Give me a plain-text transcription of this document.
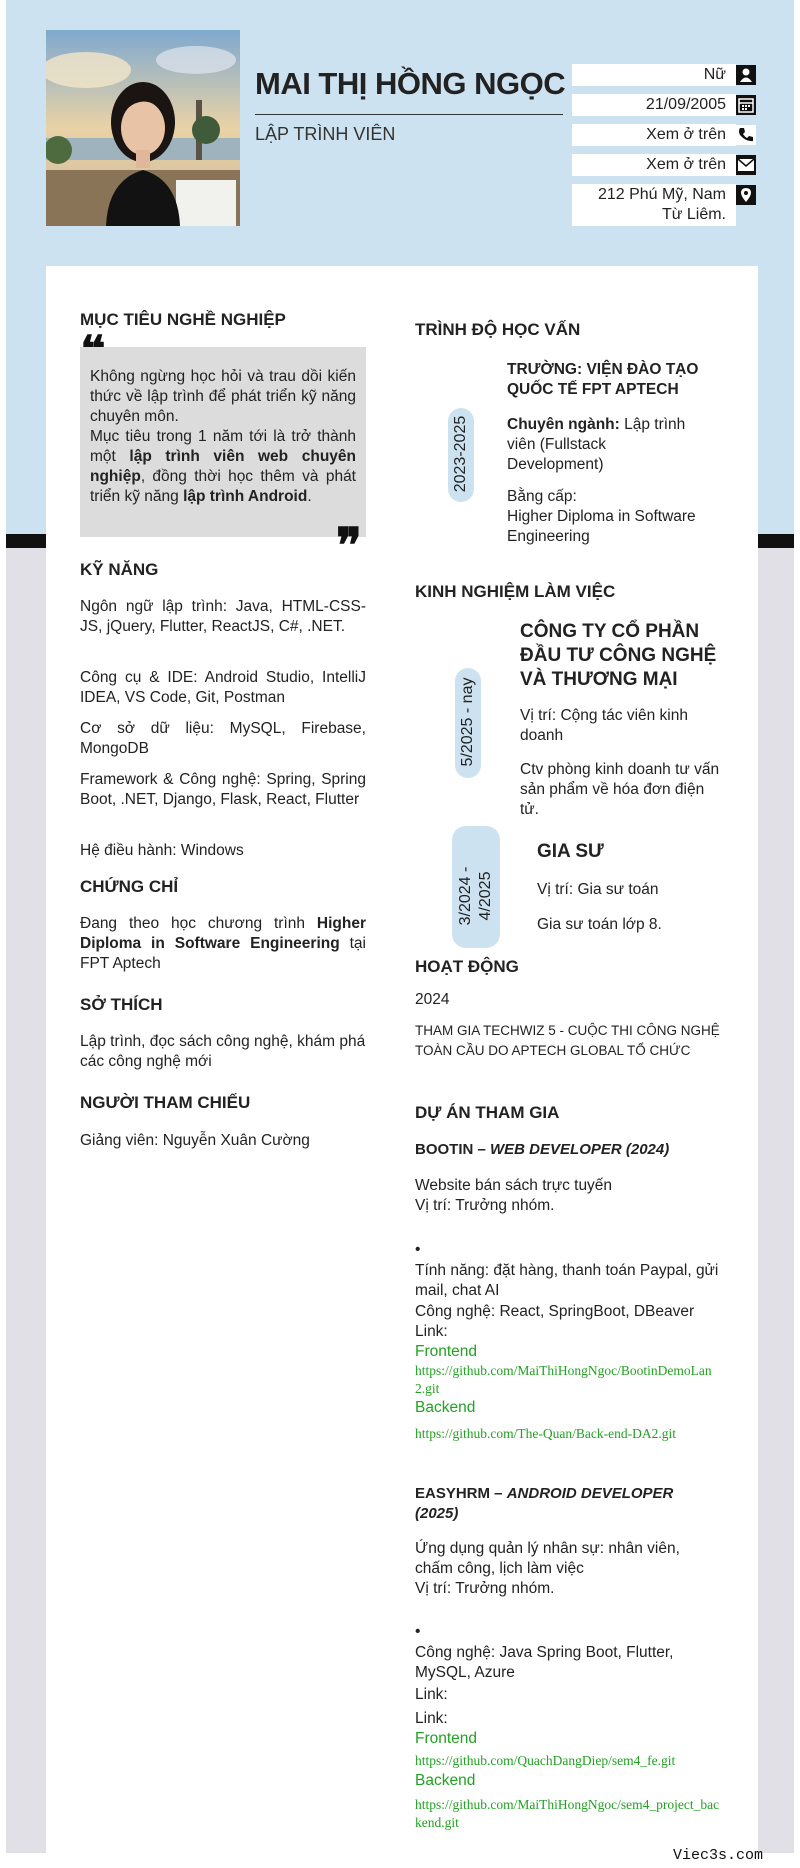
MAI THỊ HỒNG NGỌC
LẬP TRÌNH VIÊN
Nữ
21/09/2005
Xem ở trên
Xem ở trên
212 Phú Mỹ, Nam
Từ Liêm.
MỤC TIÊU NGHỀ NGHIỆP
Không ngừng học hỏi và trau dồi kiến thức về lập trình để phát triển kỹ năng chuyên môn.
Mục tiêu trong 1 năm tới là trở thành một lập trình viên web chuyên nghiệp, đồng thời học thêm và phát triển kỹ năng lập trình Android.
❞
KỸ NĂNG
Ngôn ngữ lập trình: Java, HTML-CSS-JS, jQuery, Flutter, ReactJS, C#, .NET.
Công cụ & IDE: Android Studio, IntelliJ IDEA, VS Code, Git, Postman
Cơ sở dữ liệu: MySQL, Firebase, MongoDB
Framework & Công nghệ: Spring, Spring Boot, .NET, Django, Flask, React, Flutter
Hệ điều hành: Windows
CHỨNG CHỈ
Đang theo học chương trình Higher Diploma in Software Engineering tại FPT Aptech
SỞ THÍCH
Lập trình, đọc sách công nghệ, khám phá các công nghệ mới
NGƯỜI THAM CHIẾU
Giảng viên: Nguyễn Xuân Cường
TRÌNH ĐỘ HỌC VẤN
2023-2025
TRƯỜNG: VIỆN ĐÀO TẠO QUỐC TẾ FPT APTECH
Chuyên ngành: Lập trình viên (Fullstack Development)
Bằng cấp:
Higher Diploma in Software Engineering
KINH NGHIỆM LÀM VIỆC
5/2025 - nay
CÔNG TY CỔ PHẦN ĐẦU TƯ CÔNG NGHỆ VÀ THƯƠNG MẠI
Vị trí: Cộng tác viên kinh doanh
Ctv phòng kinh doanh tư vấn sản phẩm về hóa đơn điện tử.
3/2024 - 4/2025
GIA SƯ
Vị trí: Gia sư toán
Gia sư toán lớp 8.
HOẠT ĐỘNG
2024
THAM GIA TECHWIZ 5 - CUỘC THI CÔNG NGHỆ TOÀN CẦU DO APTECH GLOBAL TỔ CHỨC
DỰ ÁN THAM GIA
BOOTIN – WEB DEVELOPER (2024)
Website bán sách trực tuyến
Vị trí: Trưởng nhóm.
•
Tính năng: đặt hàng, thanh toán Paypal, gửi mail, chat AI
Công nghệ: React, SpringBoot, DBeaver
Link:
Frontend
https://github.com/MaiThiHongNgoc/BootinDemoLan2.git
Backend
https://github.com/The-Quan/Back-end-DA2.git
EASYHRM – ANDROID DEVELOPER (2025)
Ứng dụng quản lý nhân sự: nhân viên, chấm công, lịch làm việc
Vị trí: Trưởng nhóm.
•
Công nghệ: Java Spring Boot, Flutter, MySQL, Azure
Link:
Link:
Frontend
https://github.com/QuachDangDiep/sem4_fe.git
Backend
https://github.com/MaiThiHongNgoc/sem4_project_backend.git
Viec3s.com
